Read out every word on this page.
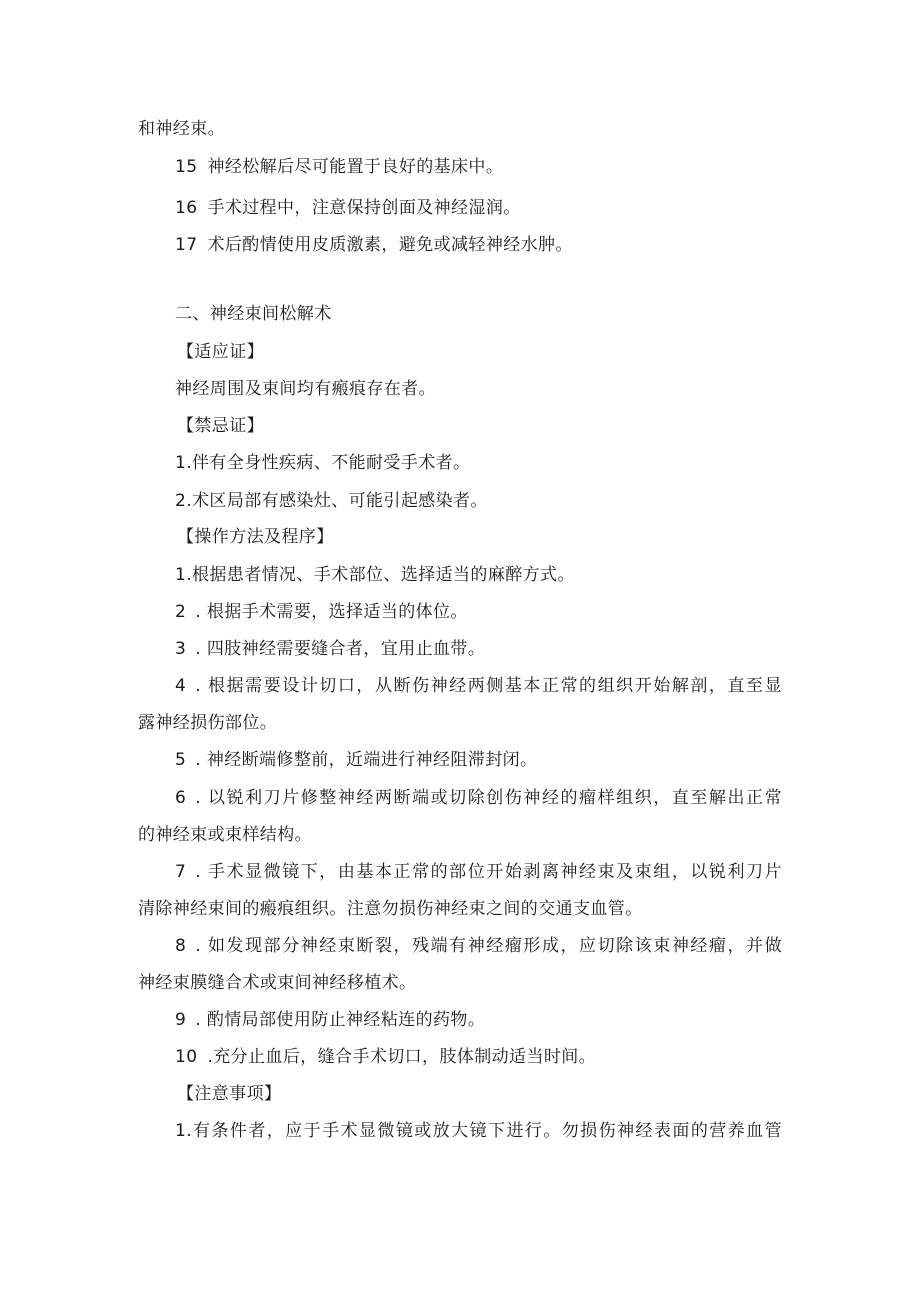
和神经束。
15 神经松解后尽可能置于良好的基床中。
16 手术过程中，注意保持创面及神经湿润。
17 术后酌情使用皮质激素，避免或减轻神经水肿。
二、神经束间松解术
【适应证】
神经周围及束间均有瘢痕存在者。
【禁忌证】
1.伴有全身性疾病、不能耐受手术者。
2.术区局部有感染灶、可能引起感染者。
【操作方法及程序】
1.根据患者情况、手术部位、选择适当的麻醉方式。
2 . 根据手术需要，选择适当的体位。
3 . 四肢神经需要缝合者，宜用止血带。
4 . 根据需要设计切口，从断伤神经两侧基本正常的组织开始解剖，直至显
露神经损伤部位。
5 . 神经断端修整前，近端进行神经阻滞封闭。
6 . 以锐利刀片修整神经两断端或切除创伤神经的瘤样组织，直至解出正常
的神经束或束样结构。
7 . 手术显微镜下，由基本正常的部位开始剥离神经束及束组，以锐利刀片
清除神经束间的瘢痕组织。注意勿损伤神经束之间的交通支血管。
8 . 如发现部分神经束断裂，残端有神经瘤形成，应切除该束神经瘤，并做
神经束膜缝合术或束间神经移植术。
9 . 酌情局部使用防止神经粘连的药物。
10 .充分止血后，缝合手术切口，肢体制动适当时间。
【注意事项】
1.有条件者，应于手术显微镜或放大镜下进行。勿损伤神经表面的营养血管
